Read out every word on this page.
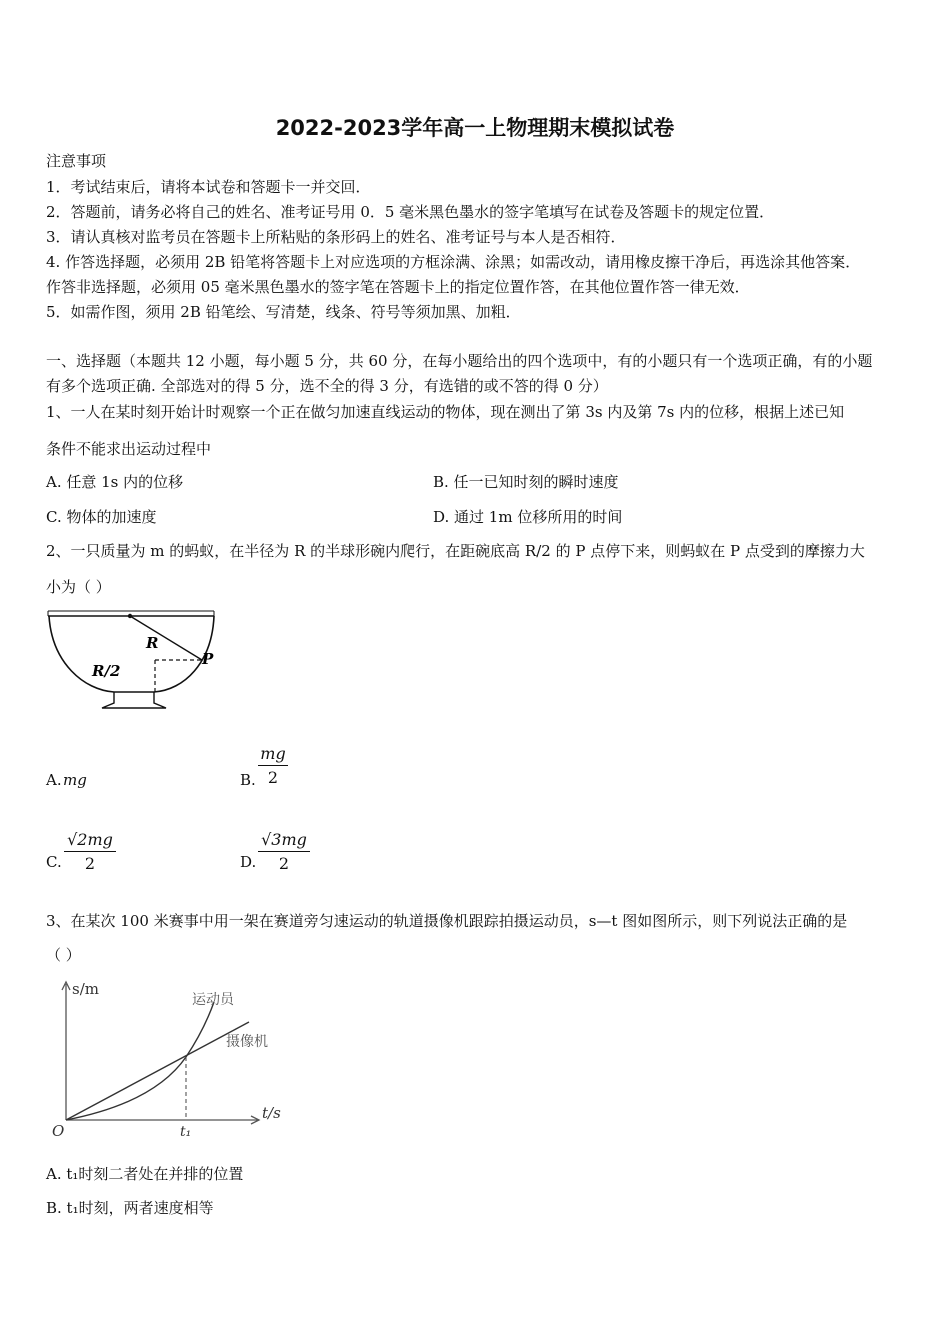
2022-2023学年高一上物理期末模拟试卷
注意事项
1．考试结束后，请将本试卷和答题卡一并交回．
2．答题前，请务必将自己的姓名、准考证号用 0．5 毫米黑色墨水的签字笔填写在试卷及答题卡的规定位置．
3．请认真核对监考员在答题卡上所粘贴的条形码上的姓名、准考证号与本人是否相符．
4. 作答选择题，必须用 2B 铅笔将答题卡上对应选项的方框涂满、涂黑；如需改动，请用橡皮擦干净后，再选涂其他答案．
作答非选择题，必须用 05 毫米黑色墨水的签字笔在答题卡上的指定位置作答，在其他位置作答一律无效．
5．如需作图，须用 2B 铅笔绘、写清楚，线条、符号等须加黑、加粗．
一、选择题（本题共 12 小题，每小题 5 分，共 60 分，在每小题给出的四个选项中，有的小题只有一个选项正确，有的小题
有多个选项正确. 全部选对的得 5 分，选不全的得 3 分，有选错的或不答的得 0 分）
1、一人在某时刻开始计时观察一个正在做匀加速直线运动的物体，现在测出了第 3s 内及第 7s 内的位移，根据上述已知
条件不能求出运动过程中
A. 任意 1s 内的位移	B. 任一已知时刻的瞬时速度
C. 物体的加速度	D. 通过 1m 位移所用的时间
2、一只质量为 m 的蚂蚁，在半径为 R 的半球形碗内爬行，在距碗底高 R/2 的 P 点停下来，则蚂蚁在 P 点受到的摩擦力大
小为（ ）
R
R/2
P
A. mg	B.
mg
2
C.
√2mg
2	D.
√3mg
2
3、在某次 100 米赛事中用一架在赛道旁匀速运动的轨道摄像机跟踪拍摄运动员，s—t 图如图所示，则下列说法正确的是
（ ）
s/m
t/s
O	t₁
运动员
摄像机
A. t₁时刻二者处在并排的位置
B. t₁时刻，两者速度相等
